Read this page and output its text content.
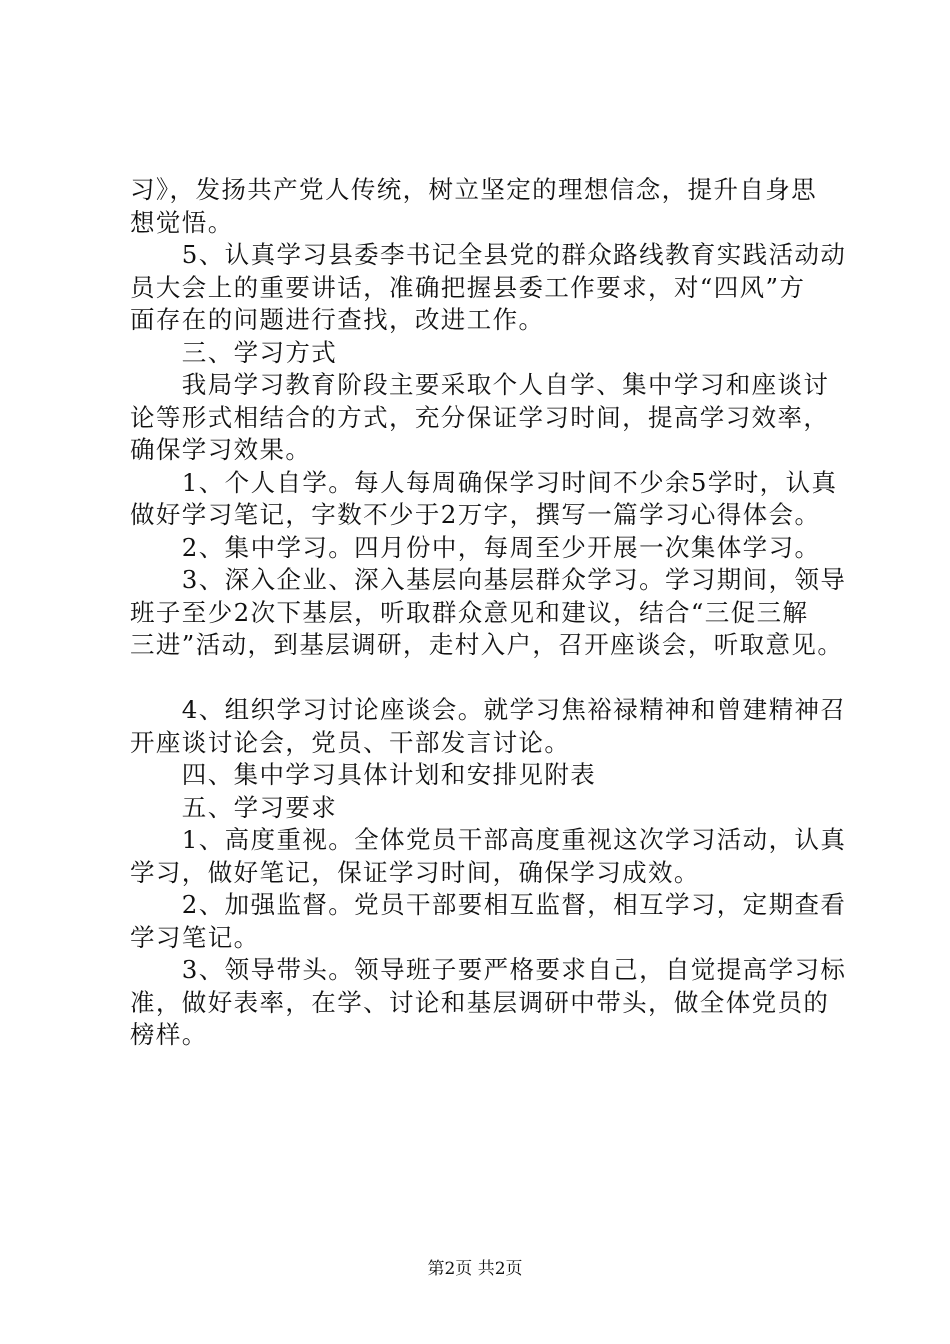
习》，发扬共产党人传统，树立坚定的理想信念，提升自身思

想觉悟。

　　5、认真学习县委李书记全县党的群众路线教育实践活动动

员大会上的重要讲话，准确把握县委工作要求，对“四风”方

面存在的问题进行查找，改进工作。

　　三、学习方式

　　我局学习教育阶段主要采取个人自学、集中学习和座谈讨

论等形式相结合的方式，充分保证学习时间，提高学习效率，

确保学习效果。

　　1、个人自学。每人每周确保学习时间不少余5学时，认真

做好学习笔记，字数不少于2万字，撰写一篇学习心得体会。

　　2、集中学习。四月份中，每周至少开展一次集体学习。

　　3、深入企业、深入基层向基层群众学习。学习期间，领导

班子至少2次下基层，听取群众意见和建议，结合“三促三解

三进”活动，到基层调研，走村入户，召开座谈会，听取意见。

　　4、组织学习讨论座谈会。就学习焦裕禄精神和曾建精神召

开座谈讨论会，党员、干部发言讨论。

　　四、集中学习具体计划和安排见附表

　　五、学习要求

　　1、高度重视。全体党员干部高度重视这次学习活动，认真

学习，做好笔记，保证学习时间，确保学习成效。

　　2、加强监督。党员干部要相互监督，相互学习，定期查看

学习笔记。

　　3、领导带头。领导班子要严格要求自己，自觉提高学习标

准，做好表率，在学、讨论和基层调研中带头，做全体党员的

榜样。

第2页 共2页
